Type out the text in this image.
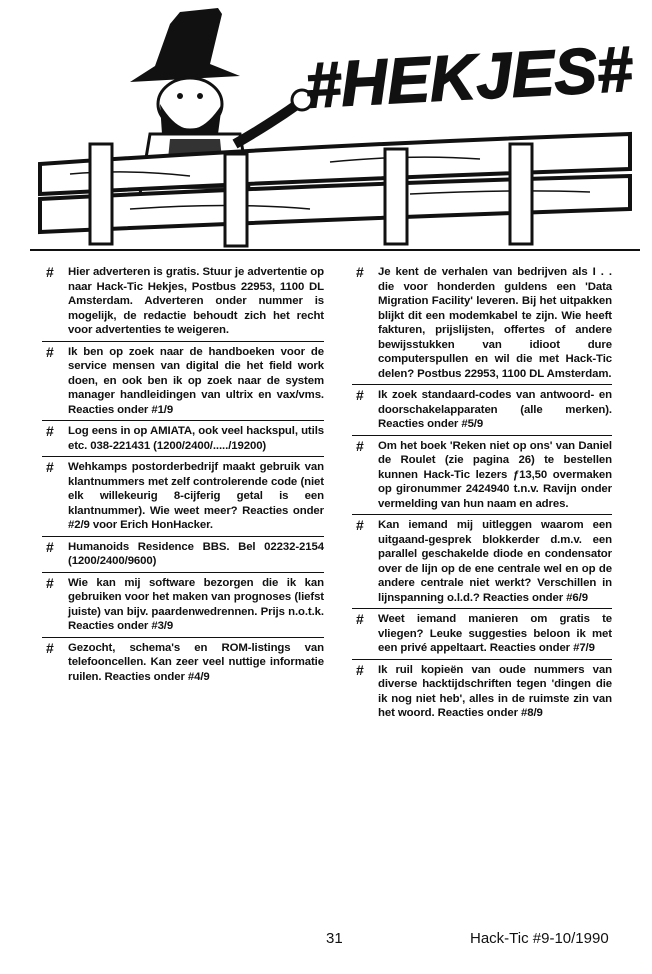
#HEKJES#
#	Hier adverteren is gratis. Stuur je advertentie op naar Hack-Tic Hekjes, Postbus 22953, 1100 DL Amsterdam. Adverteren onder nummer is mogelijk, de redactie behoudt zich het recht voor advertenties te weigeren.
#	Ik ben op zoek naar de handboeken voor de service mensen van digital die het field work doen, en ook ben ik op zoek naar de system manager handleidingen van ultrix en vax/vms. Reacties onder #1/9
#	Log eens in op AMIATA, ook veel hackspul, utils etc. 038-221431 (1200/2400/...../19200)
#	Wehkamps postorderbedrijf maakt gebruik van klantnummers met zelf controlerende code (niet elk willekeurig 8-cijferig getal is een klantnummer). Wie weet meer? Reacties onder #2/9 voor Erich HonHacker.
#	Humanoids Residence BBS. Bel 02232-2154 (1200/2400/9600)
#	Wie kan mij software bezorgen die ik kan gebruiken voor het maken van prognoses (liefst juiste) van bijv. paardenwedrennen. Prijs n.o.t.k. Reacties onder #3/9
#	Gezocht, schema's en ROM-listings van telefooncellen. Kan zeer veel nuttige informatie ruilen. Reacties onder #4/9
#	Je kent de verhalen van bedrijven als I . . die voor honderden guldens een 'Data Migration Facility' leveren. Bij het uitpakken blijkt dit een modemkabel te zijn. Wie heeft fakturen, prijslijsten, offertes of andere bewijsstukken van idioot dure computerspullen en wil die met Hack-Tic delen? Postbus 22953, 1100 DL Amsterdam.
#	Ik zoek standaard-codes van antwoord- en doorschakelapparaten (alle merken). Reacties onder #5/9
#	Om het boek 'Reken niet op ons' van Daniel de Roulet (zie pagina 26) te bestellen kunnen Hack-Tic lezers ƒ13,50 overmaken op gironummer 2424940 t.n.v. Ravijn onder vermelding van hun naam en adres.
#	Kan iemand mij uitleggen waarom een uitgaand-gesprek blokkerder d.m.v. een parallel geschakelde diode en condensator over de lijn op de ene centrale wel en op de andere centrale niet werkt? Verschillen in lijnspanning o.l.d.? Reacties onder #6/9
#	Weet iemand manieren om gratis te vliegen? Leuke suggesties beloon ik met een privé appeltaart. Reacties onder #7/9
#	Ik ruil kopieën van oude nummers van diverse hacktijdschriften tegen 'dingen die ik nog niet heb', alles in de ruimste zin van het woord. Reacties onder #8/9
31	Hack-Tic #9-10/1990
